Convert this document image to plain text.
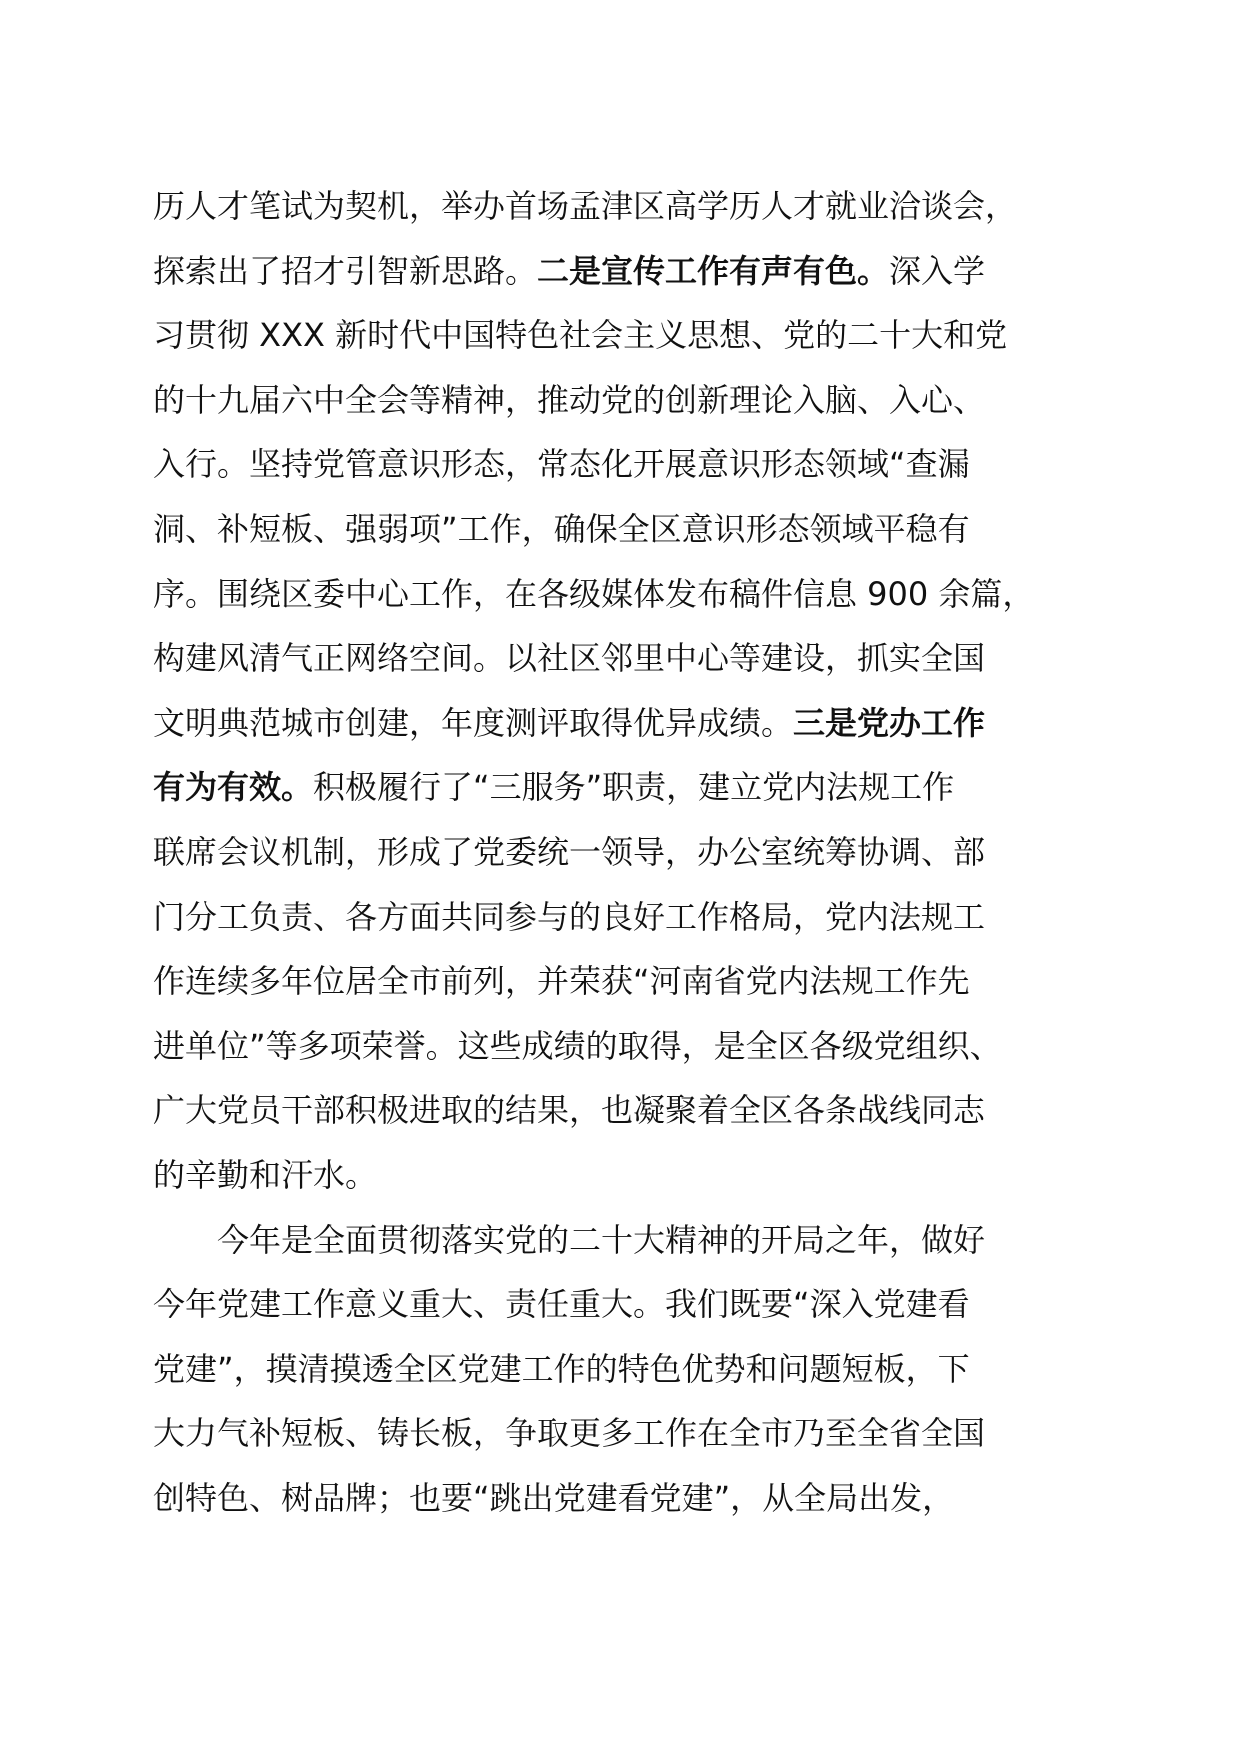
历人才笔试为契机，举办首场孟津区高学历人才就业洽谈会，
探索出了招才引智新思路。二是宣传工作有声有色。深入学
习贯彻 XXX 新时代中国特色社会主义思想、党的二十大和党
的十九届六中全会等精神，推动党的创新理论入脑、入心、
入行。坚持党管意识形态，常态化开展意识形态领域“查漏
洞、补短板、强弱项”工作，确保全区意识形态领域平稳有
序。围绕区委中心工作，在各级媒体发布稿件信息 900 余篇，
构建风清气正网络空间。以社区邻里中心等建设，抓实全国
文明典范城市创建，年度测评取得优异成绩。三是党办工作
有为有效。积极履行了“三服务”职责，建立党内法规工作
联席会议机制，形成了党委统一领导，办公室统筹协调、部
门分工负责、各方面共同参与的良好工作格局，党内法规工
作连续多年位居全市前列，并荣获“河南省党内法规工作先
进单位”等多项荣誉。这些成绩的取得，是全区各级党组织、
广大党员干部积极进取的结果，也凝聚着全区各条战线同志
的辛勤和汗水。
今年是全面贯彻落实党的二十大精神的开局之年，做好
今年党建工作意义重大、责任重大。我们既要“深入党建看
党建”，摸清摸透全区党建工作的特色优势和问题短板，下
大力气补短板、铸长板，争取更多工作在全市乃至全省全国
创特色、树品牌；也要“跳出党建看党建”，从全局出发，
